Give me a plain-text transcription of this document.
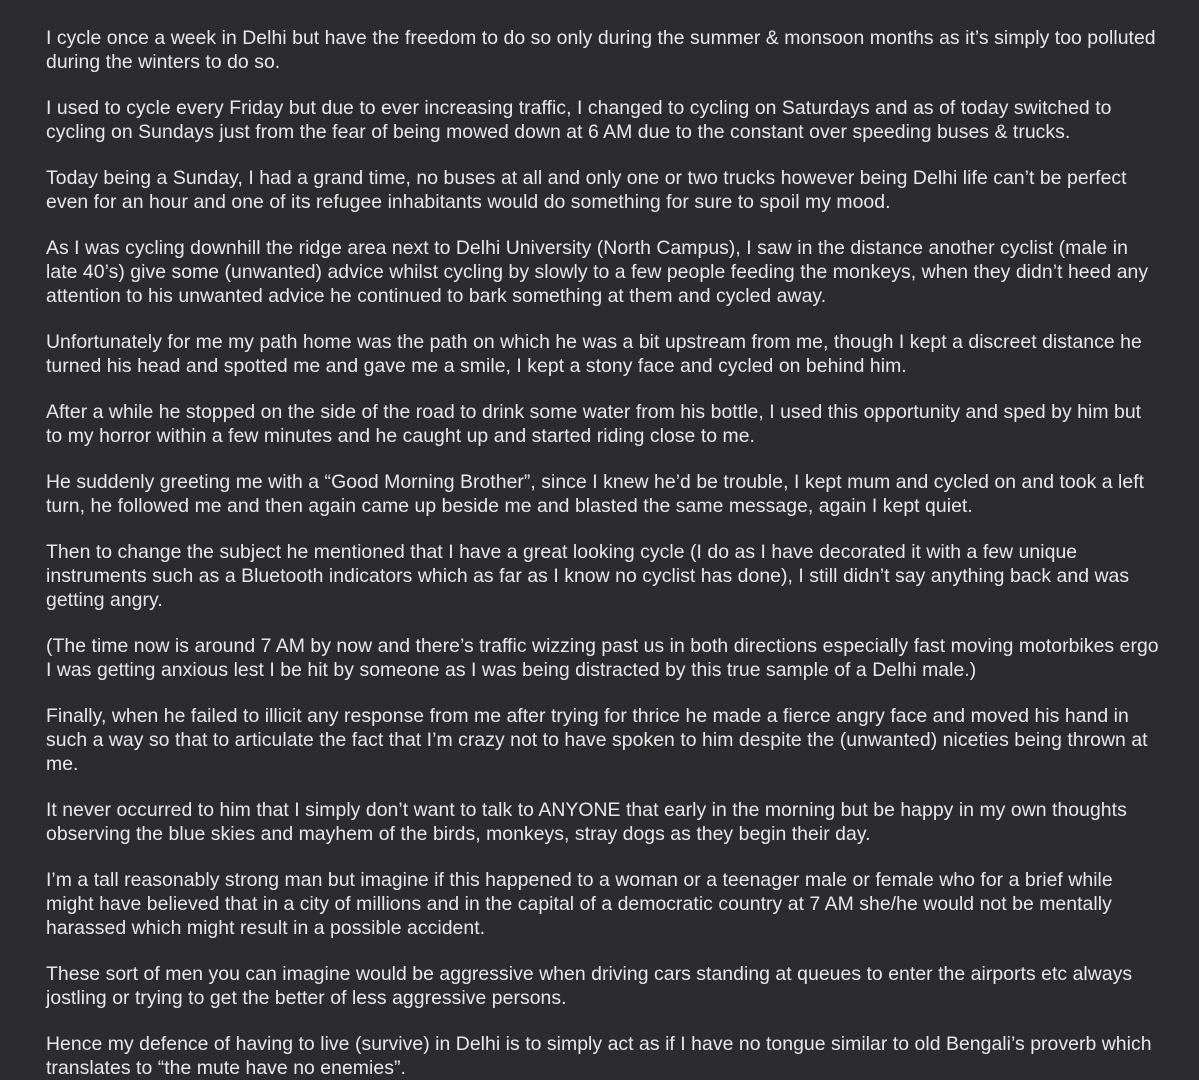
I cycle once a week in Delhi but have the freedom to do so only during the summer & monsoon months as it’s simply too polluted during the winters to do so.

I used to cycle every Friday but due to ever increasing traffic, I changed to cycling on Saturdays and as of today switched to cycling on Sundays just from the fear of being mowed down at 6 AM due to the constant over speeding buses & trucks.

Today being a Sunday, I had a grand time, no buses at all and only one or two trucks however being Delhi life can’t be perfect even for an hour and one of its refugee inhabitants would do something for sure to spoil my mood.

As I was cycling downhill the ridge area next to Delhi University (North Campus), I saw in the distance another cyclist (male in late 40’s) give some (unwanted) advice whilst cycling by slowly to a few people feeding the monkeys, when they didn’t heed any attention to his unwanted advice he continued to bark something at them and cycled away.

Unfortunately for me my path home was the path on which he was a bit upstream from me, though I kept a discreet distance he turned his head and spotted me and gave me a smile, I kept a stony face and cycled on behind him.

After a while he stopped on the side of the road to drink some water from his bottle, I used this opportunity and sped by him but to my horror within a few minutes and he caught up and started riding close to me.

He suddenly greeting me with a “Good Morning Brother”, since I knew he’d be trouble, I kept mum and cycled on and took a left turn, he followed me and then again came up beside me and blasted the same message, again I kept quiet.

Then to change the subject he mentioned that I have a great looking cycle (I do as I have decorated it with a few unique instruments such as a Bluetooth indicators which as far as I know no cyclist has done), I still didn’t say anything back and was getting angry.

(The time now is around 7 AM by now and there’s traffic wizzing past us in both directions especially fast moving motorbikes ergo I was getting anxious lest I be hit by someone as I was being distracted by this true sample of a Delhi male.)

Finally, when he failed to illicit any response from me after trying for thrice he made a fierce angry face and moved his hand in such a way so that to articulate the fact that I’m crazy not to have spoken to him despite the (unwanted) niceties being thrown at me.

It never occurred to him that I simply don’t want to talk to ANYONE that early in the morning but be happy in my own thoughts observing the blue skies and mayhem of the birds, monkeys, stray dogs as they begin their day.

I’m a tall reasonably strong man but imagine if this happened to a woman or a teenager male or female who for a brief while might have believed that in a city of millions and in the capital of a democratic country at 7 AM she/he would not be mentally harassed which might result in a possible accident.

These sort of men you can imagine would be aggressive when driving cars standing at queues to enter the airports etc always jostling or trying to get the better of less aggressive persons.

Hence my defence of having to live (survive) in Delhi is to simply act as if I have no tongue similar to old Bengali’s proverb which translates to “the mute have no enemies”.
